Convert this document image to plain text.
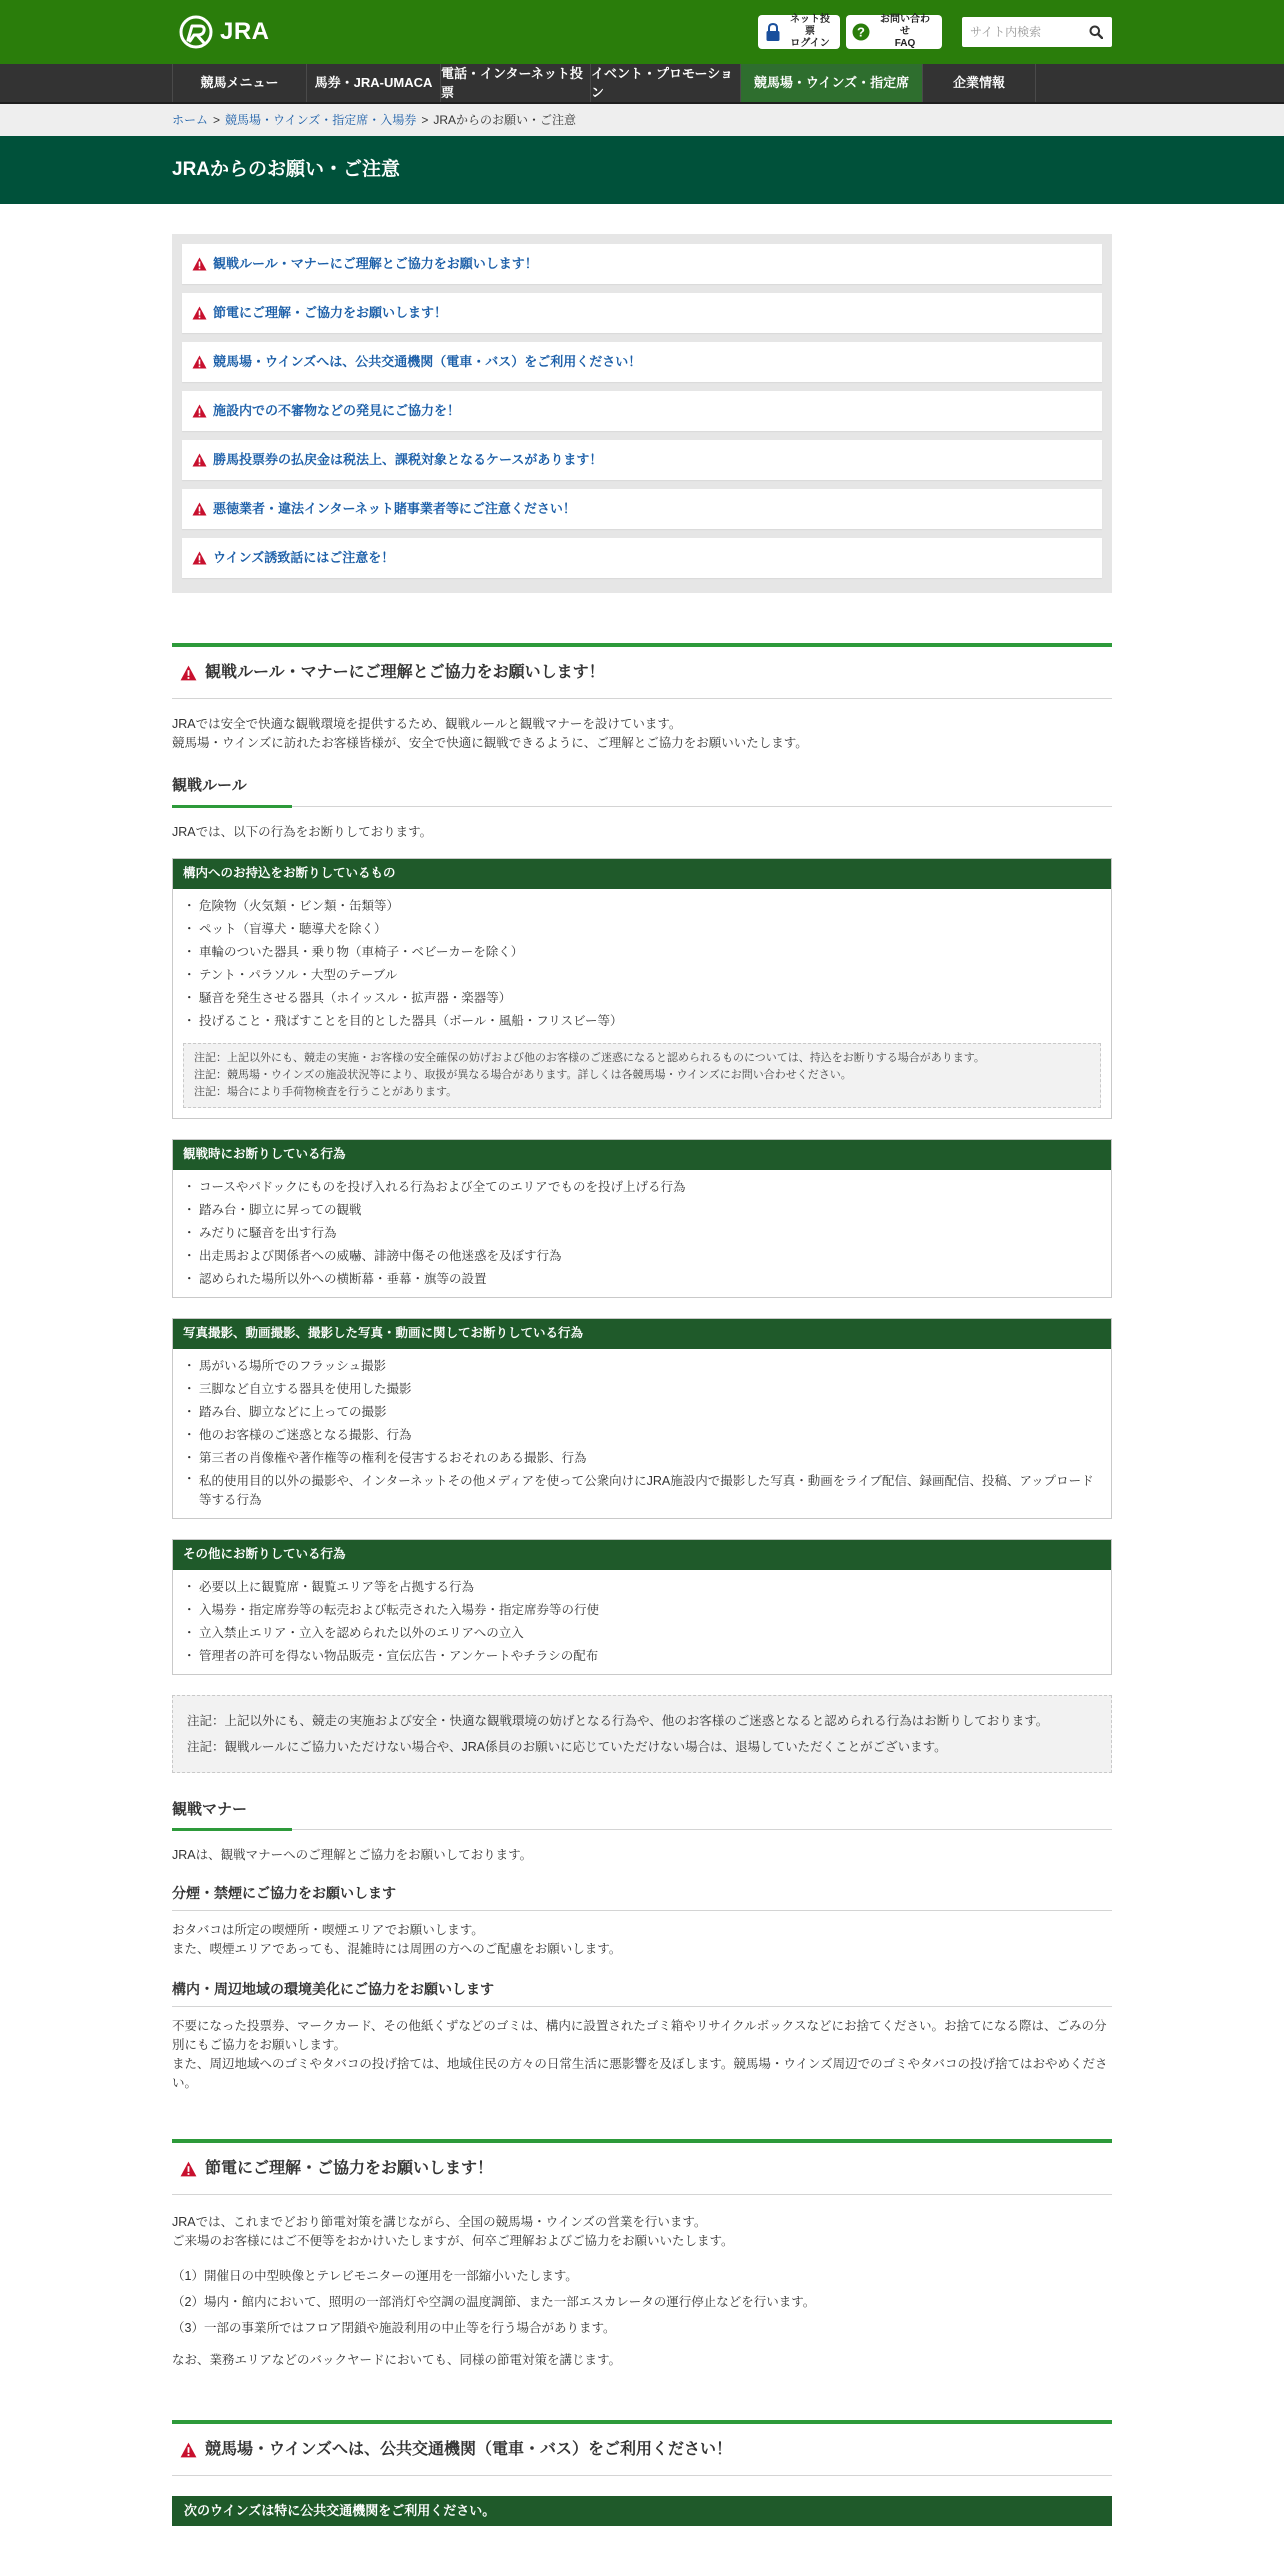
JRA	ネット投票
ログイン
?
お問い合わせ
FAQ
サイト内検索
競馬メニュー	馬券・JRA-UMACA
電話・インターネット投票
イベント・プロモーション
競馬場・ウインズ・指定席	企業情報
ホーム > 競馬場・ウインズ・指定席・入場券 > JRAからのお願い・ご注意
JRAからのお願い・ご注意
観戦ルール・マナーにご理解とご協力をお願いします！
節電にご理解・ご協力をお願いします！
競馬場・ウインズへは、公共交通機関（電車・バス）をご利用ください！
施設内での不審物などの発見にご協力を！
勝馬投票券の払戻金は税法上、課税対象となるケースがあります！
悪徳業者・違法インターネット賭事業者等にご注意ください！
ウインズ誘致話にはご注意を！
観戦ルール・マナーにご理解とご協力をお願いします！

JRAでは安全で快適な観戦環境を提供するため、観戦ルールと観戦マナーを設けています。
競馬場・ウインズに訪れたお客様皆様が、安全で快適に観戦できるように、ご理解とご協力をお願いいたします。

観戦ルール

JRAでは、以下の行為をお断りしております。

構内へのお持込をお断りしているもの
・ 危険物（火気類・ビン類・缶類等）
・ ペット（盲導犬・聴導犬を除く）
・ 車輪のついた器具・乗り物（車椅子・ベビーカーを除く）
・ テント・パラソル・大型のテーブル
・ 騒音を発生させる器具（ホイッスル・拡声器・楽器等）
・ 投げること・飛ばすことを目的とした器具（ボール・風船・フリスビー等）
注記：上記以外にも、競走の実施・お客様の安全確保の妨げおよび他のお客様のご迷惑になると認められるものについては、持込をお断りする場合があります。
注記：競馬場・ウインズの施設状況等により、取扱が異なる場合があります。詳しくは各競馬場・ウインズにお問い合わせください。
注記：場合により手荷物検査を行うことがあります。
観戦時にお断りしている行為
・ コースやパドックにものを投げ入れる行為および全てのエリアでものを投げ上げる行為
・ 踏み台・脚立に昇っての観戦
・ みだりに騒音を出す行為
・ 出走馬および関係者への威嚇、誹謗中傷その他迷惑を及ぼす行為
・ 認められた場所以外への横断幕・垂幕・旗等の設置
写真撮影、動画撮影、撮影した写真・動画に関してお断りしている行為
・ 馬がいる場所でのフラッシュ撮影
・ 三脚など自立する器具を使用した撮影
・ 踏み台、脚立などに上っての撮影
・ 他のお客様のご迷惑となる撮影、行為
・ 第三者の肖像権や著作権等の権利を侵害するおそれのある撮影、行為
・ 私的使用目的以外の撮影や、インターネットその他メディアを使って公衆向けにJRA施設内で撮影した写真・動画をライブ配信、録画配信、投稿、アップロード等する行為
その他にお断りしている行為
・ 必要以上に観覧席・観覧エリア等を占拠する行為
・ 入場券・指定席券等の転売および転売された入場券・指定席券等の行使
・ 立入禁止エリア・立入を認められた以外のエリアへの立入
・ 管理者の許可を得ない物品販売・宣伝広告・アンケートやチラシの配布
注記：上記以外にも、競走の実施および安全・快適な観戦環境の妨げとなる行為や、他のお客様のご迷惑となると認められる行為はお断りしております。
注記：観戦ルールにご協力いただけない場合や、JRA係員のお願いに応じていただけない場合は、退場していただくことがございます。
観戦マナー

JRAは、観戦マナーへのご理解とご協力をお願いしております。

分煙・禁煙にご協力をお願いします

おタバコは所定の喫煙所・喫煙エリアでお願いします。
また、喫煙エリアであっても、混雑時には周囲の方へのご配慮をお願いします。

構内・周辺地域の環境美化にご協力をお願いします

不要になった投票券、マークカード、その他紙くずなどのゴミは、構内に設置されたゴミ箱やリサイクルボックスなどにお捨てください。お捨てになる際は、ごみの分別にもご協力をお願いします。
また、周辺地域へのゴミやタバコの投げ捨ては、地域住民の方々の日常生活に悪影響を及ぼします。競馬場・ウインズ周辺でのゴミやタバコの投げ捨てはおやめください。

節電にご理解・ご協力をお願いします！

JRAでは、これまでどおり節電対策を講じながら、全国の競馬場・ウインズの営業を行います。
ご来場のお客様にはご不便等をおかけいたしますが、何卒ご理解およびご協力をお願いいたします。

（1）開催日の中型映像とテレビモニターの運用を一部縮小いたします。
（2）場内・館内において、照明の一部消灯や空調の温度調節、また一部エスカレータの運行停止などを行います。
（3）一部の事業所ではフロア閉鎖や施設利用の中止等を行う場合があります。

なお、業務エリアなどのバックヤードにおいても、同様の節電対策を講じます。

競馬場・ウインズへは、公共交通機関（電車・バス）をご利用ください！
次のウインズは特に公共交通機関をご利用ください。
